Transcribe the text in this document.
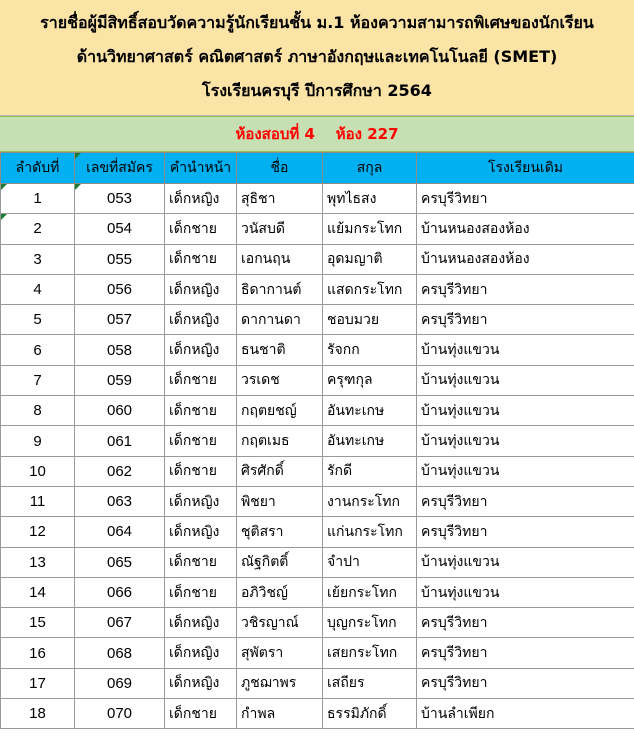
รายชื่อผู้มีสิทธิ์สอบวัดความรู้นักเรียนชั้น ม.1 ห้องความสามารถพิเศษของนักเรียน
ด้านวิทยาศาสตร์ คณิตศาสตร์ ภาษาอังกฤษและเทคโนโนลยี (SMET)
โรงเรียนครบุรี ปีการศึกษา 2564
ห้องสอบที่ 4    ห้อง 227
ลำดับที่	เลขที่สมัคร	คำนำหน้า	ชื่อ	สกุล	โรงเรียนเดิม
1	053	เด็กหญิง	สุธิชา	พุทไธสง	ครบุรีวิทยา
2	054	เด็กชาย	วนัสบดี	แย้มกระโทก	บ้านหนองสองห้อง
3	055	เด็กชาย	เอกนฤน	อุดมญาติ	บ้านหนองสองห้อง
4	056	เด็กหญิง	ธิดากานต์	แสดกระโทก	ครบุรีวิทยา
5	057	เด็กหญิง	ดากานดา	ชอบมวย	ครบุรีวิทยา
6	058	เด็กหญิง	ธนชาติ	รัจกก	บ้านทุ่งแขวน
7	059	เด็กชาย	วรเดช	ครุฑกุล	บ้านทุ่งแขวน
8	060	เด็กชาย	กฤตยชญ์	อันทะเกษ	บ้านทุ่งแขวน
9	061	เด็กชาย	กฤตเมธ	อันทะเกษ	บ้านทุ่งแขวน
10	062	เด็กชาย	ศิรศักดิ์	รักดี	บ้านทุ่งแขวน
11	063	เด็กหญิง	พิชยา	งานกระโทก	ครบุรีวิทยา
12	064	เด็กหญิง	ชุติสรา	แก่นกระโทก	ครบุรีวิทยา
13	065	เด็กชาย	ณัฐกิตติ์	จำปา	บ้านทุ่งแขวน
14	066	เด็กชาย	อภิวิชญ์	เย้ยกระโทก	บ้านทุ่งแขวน
15	067	เด็กหญิง	วชิรญาณ์	บุญกระโทก	ครบุรีวิทยา
16	068	เด็กหญิง	สุพัตรา	เสยกระโทก	ครบุรีวิทยา
17	069	เด็กหญิง	ภูชฌาพร	เสถียร	ครบุรีวิทยา
18	070	เด็กชาย	กำพล	ธรรมิภักดิ์	บ้านลำเพียก
